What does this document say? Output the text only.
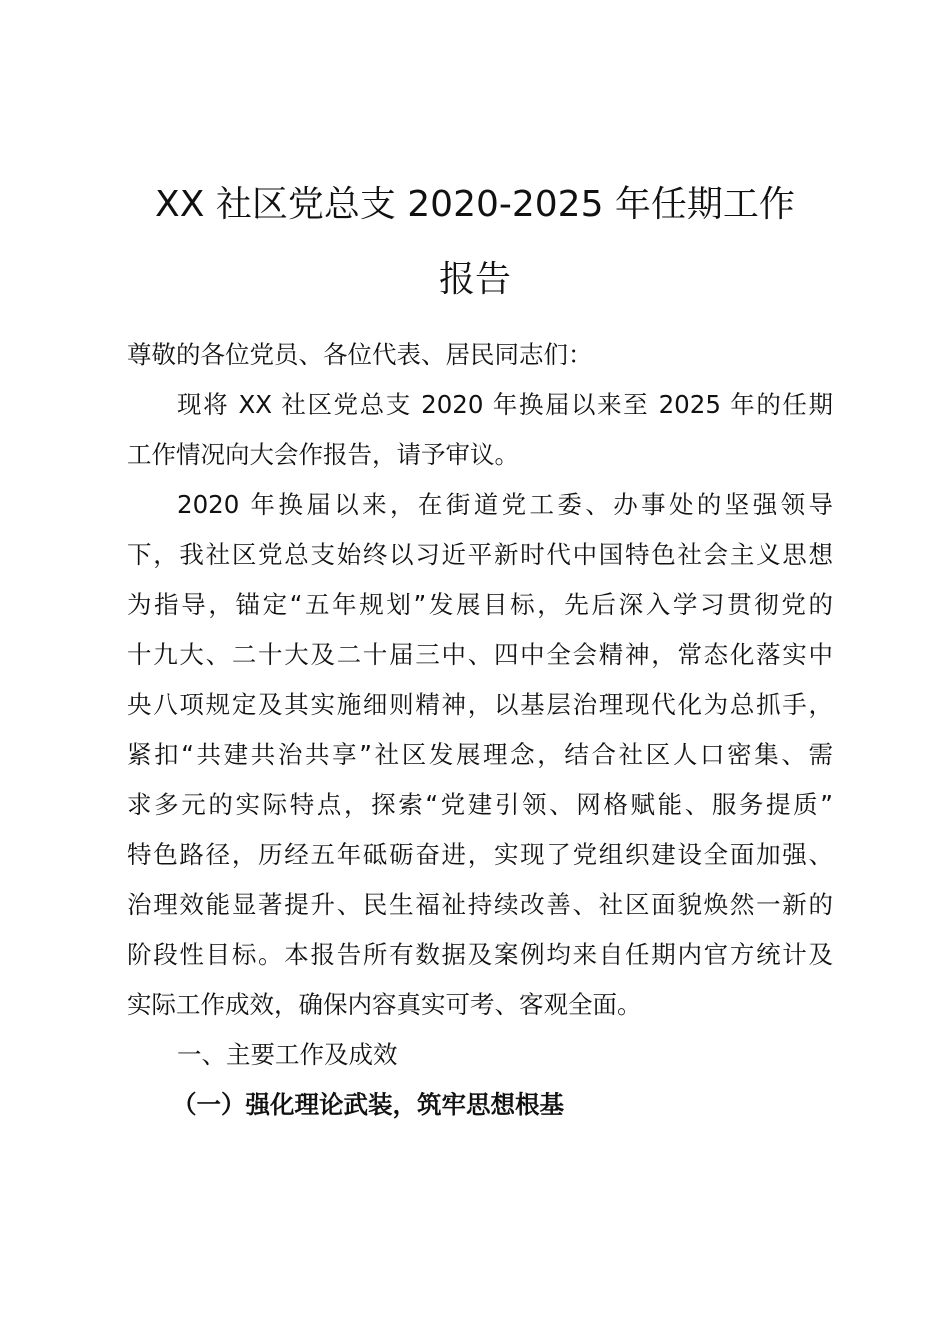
XX 社区党总支 2020-2025 年任期工作
报告
尊敬的各位党员、各位代表、居民同志们：
现将 XX 社区党总支 2020 年换届以来至 2025 年的任期
工作情况向大会作报告，请予审议。
2020 年换届以来，在街道党工委、办事处的坚强领导
下，我社区党总支始终以习近平新时代中国特色社会主义思想
为指导，锚定“五年规划”发展目标，先后深入学习贯彻党的
十九大、二十大及二十届三中、四中全会精神，常态化落实中
央八项规定及其实施细则精神，以基层治理现代化为总抓手，
紧扣“共建共治共享”社区发展理念，结合社区人口密集、需
求多元的实际特点，探索“党建引领、网格赋能、服务提质”
特色路径，历经五年砥砺奋进，实现了党组织建设全面加强、
治理效能显著提升、民生福祉持续改善、社区面貌焕然一新的
阶段性目标。本报告所有数据及案例均来自任期内官方统计及
实际工作成效，确保内容真实可考、客观全面。
一、主要工作及成效
（一）强化理论武装，筑牢思想根基
